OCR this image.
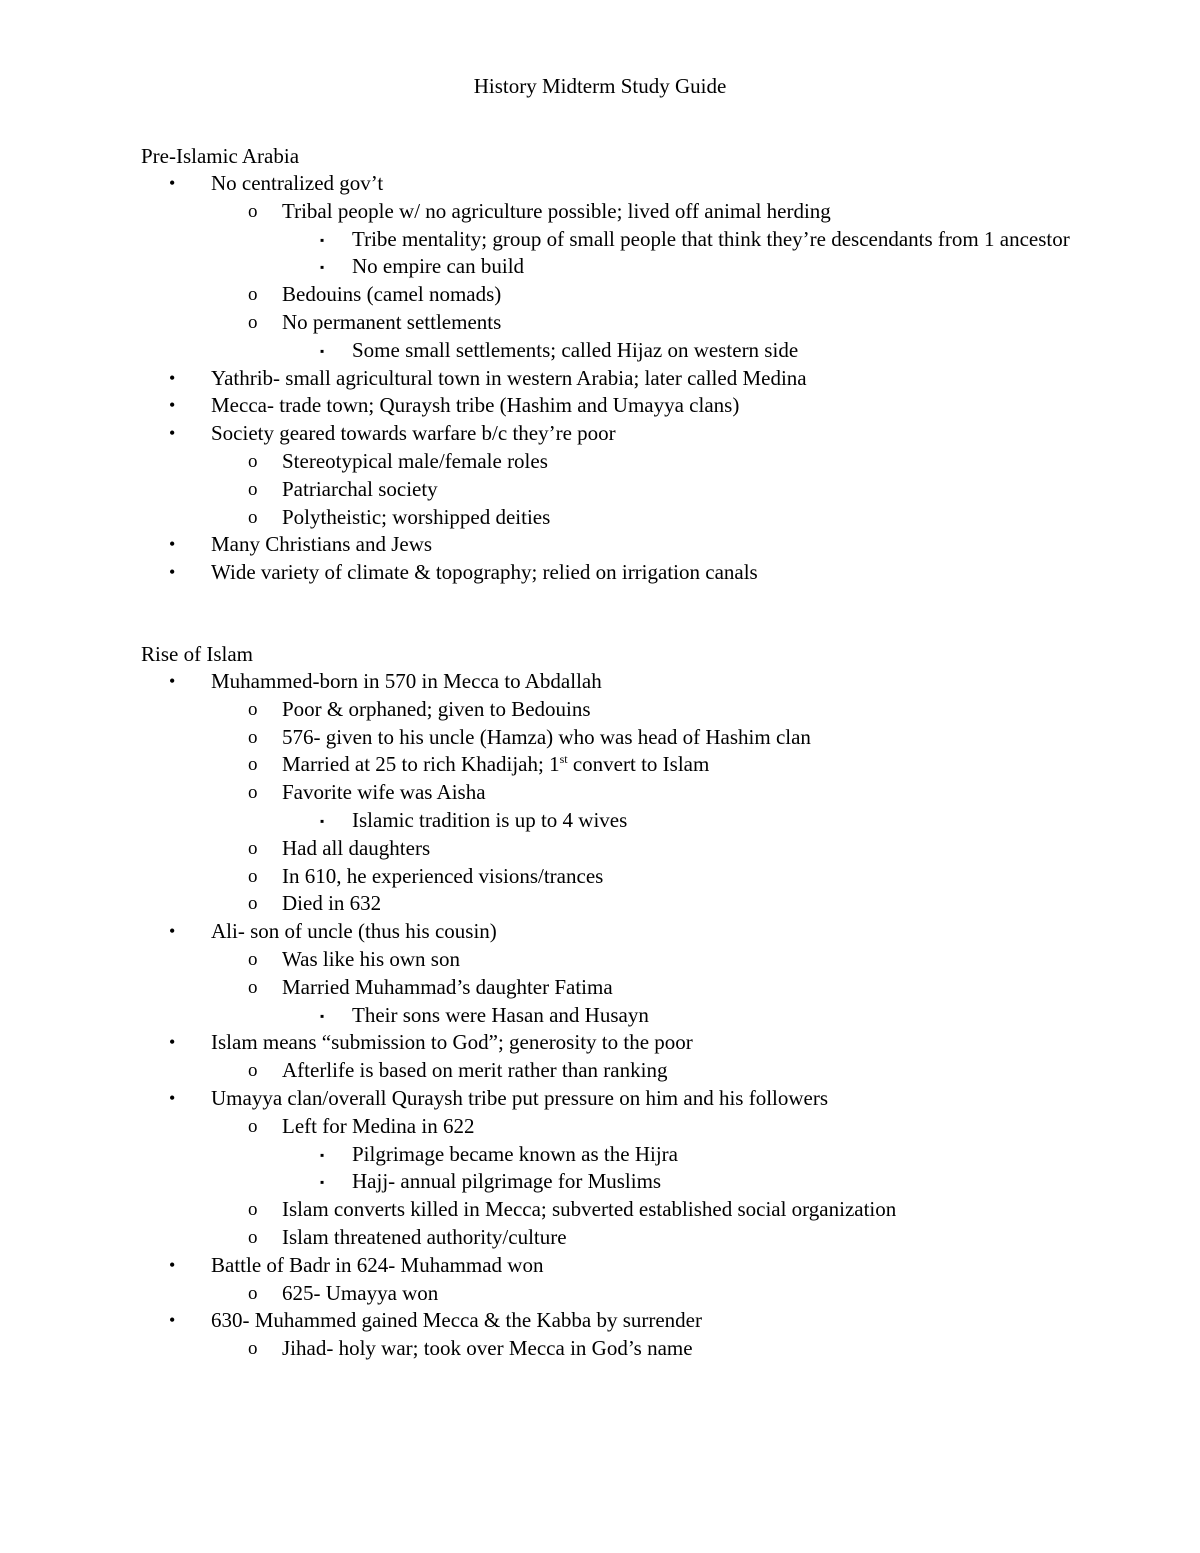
History Midterm Study Guide
Pre-Islamic Arabia
• No centralized gov’t
o Tribal people w/ no agriculture possible; lived off animal herding
▪ Tribe mentality; group of small people that think they’re descendants from 1 ancestor
▪ No empire can build
o Bedouins (camel nomads)
o No permanent settlements
▪ Some small settlements; called Hijaz on western side
• Yathrib- small agricultural town in western Arabia; later called Medina
• Mecca- trade town; Quraysh tribe (Hashim and Umayya clans)
• Society geared towards warfare b/c they’re poor
o Stereotypical male/female roles
o Patriarchal society
o Polytheistic; worshipped deities
• Many Christians and Jews
• Wide variety of climate & topography; relied on irrigation canals
Rise of Islam
• Muhammed-born in 570 in Mecca to Abdallah
o Poor & orphaned; given to Bedouins
o 576- given to his uncle (Hamza) who was head of Hashim clan
o Married at 25 to rich Khadijah; 1st convert to Islam
o Favorite wife was Aisha
▪ Islamic tradition is up to 4 wives
o Had all daughters
o In 610, he experienced visions/trances
o Died in 632
• Ali- son of uncle (thus his cousin)
o Was like his own son
o Married Muhammad’s daughter Fatima
▪ Their sons were Hasan and Husayn
• Islam means “submission to God”; generosity to the poor
o Afterlife is based on merit rather than ranking
• Umayya clan/overall Quraysh tribe put pressure on him and his followers
o Left for Medina in 622
▪ Pilgrimage became known as the Hijra
▪ Hajj- annual pilgrimage for Muslims
o Islam converts killed in Mecca; subverted established social organization
o Islam threatened authority/culture
• Battle of Badr in 624- Muhammad won
o 625- Umayya won
• 630- Muhammed gained Mecca & the Kabba by surrender
o Jihad- holy war; took over Mecca in God’s name
